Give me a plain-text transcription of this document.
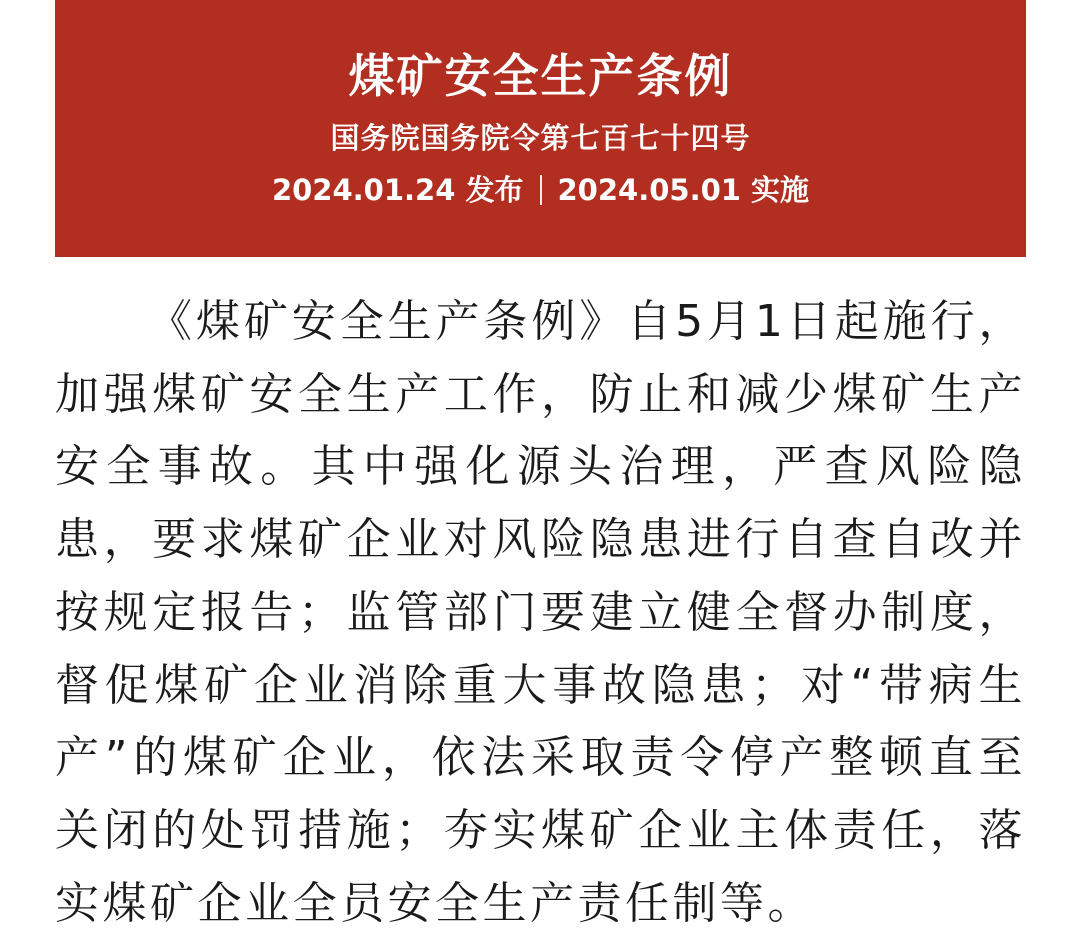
煤矿安全生产条例
国务院国务院令第七百七十四号
2024.01.24 发布 2024.05.01 实施

《煤矿安全生产条例》自5月1日起施行，加强煤矿安全生产工作，防止和减少煤矿生产安全事故。其中强化源头治理，严查风险隐患，要求煤矿企业对风险隐患进行自查自改并按规定报告；监管部门要建立健全督办制度，督促煤矿企业消除重大事故隐患；对“带病生产”的煤矿企业，依法采取责令停产整顿直至关闭的处罚措施；夯实煤矿企业主体责任，落实煤矿企业全员安全生产责任制等。
